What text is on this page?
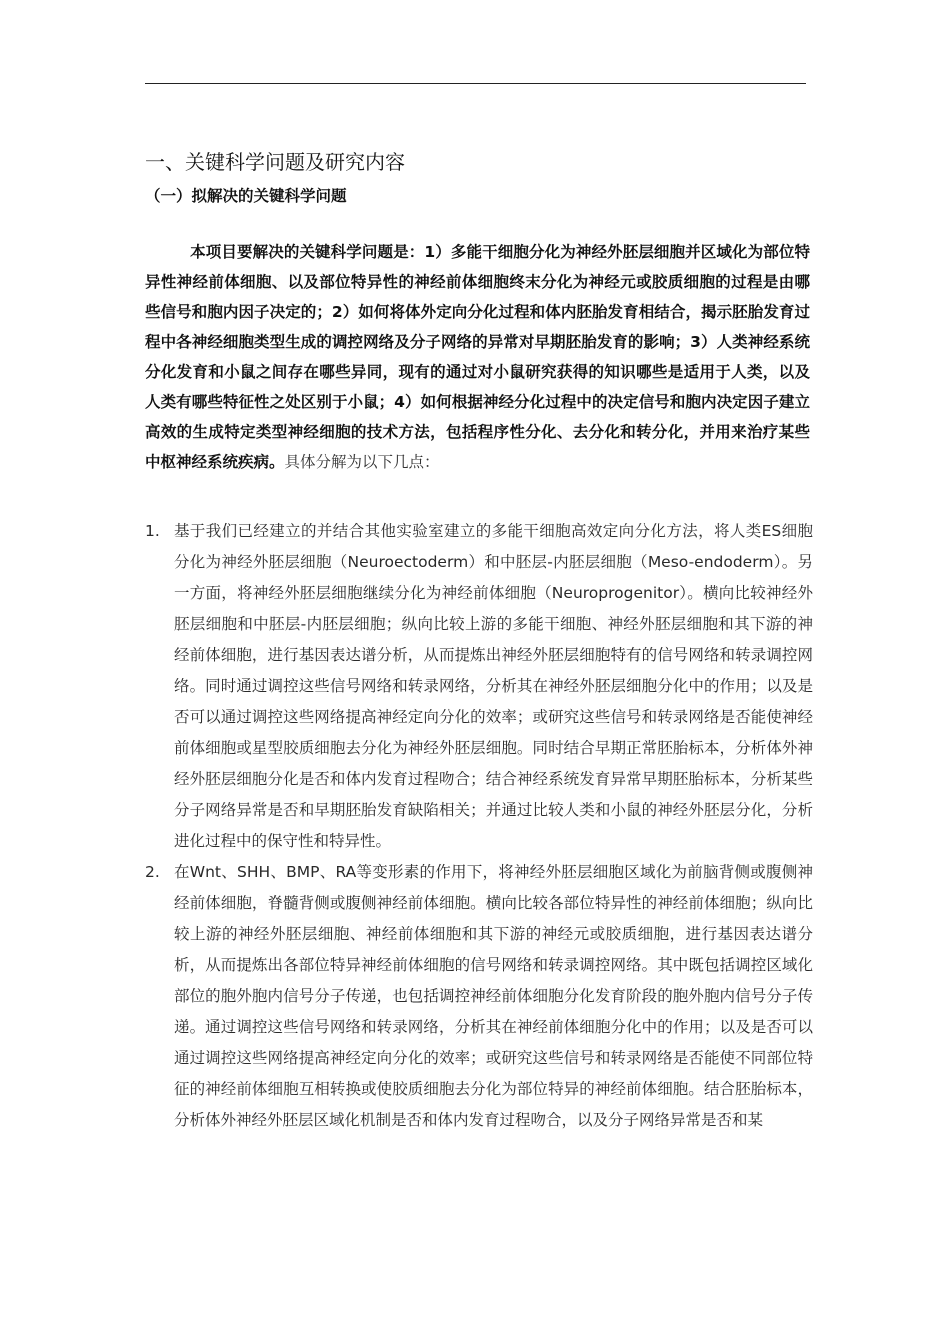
一、关键科学问题及研究内容
（一）拟解决的关键科学问题

本项目要解决的关键科学问题是：1）多能干细胞分化为神经外胚层细胞并区域化为部位特异性神经前体细胞、以及部位特异性的神经前体细胞终末分化为神经元或胶质细胞的过程是由哪些信号和胞内因子决定的；2）如何将体外定向分化过程和体内胚胎发育相结合，揭示胚胎发育过程中各神经细胞类型生成的调控网络及分子网络的异常对早期胚胎发育的影响；3）人类神经系统分化发育和小鼠之间存在哪些异同，现有的通过对小鼠研究获得的知识哪些是适用于人类，以及人类有哪些特征性之处区别于小鼠；4）如何根据神经分化过程中的决定信号和胞内决定因子建立高效的生成特定类型神经细胞的技术方法，包括程序性分化、去分化和转分化，并用来治疗某些中枢神经系统疾病。具体分解为以下几点：

1. 基于我们已经建立的并结合其他实验室建立的多能干细胞高效定向分化方法，将人类ES细胞分化为神经外胚层细胞（Neuroectoderm）和中胚层-内胚层细胞（Meso-endoderm）。另一方面，将神经外胚层细胞继续分化为神经前体细胞（Neuroprogenitor）。横向比较神经外胚层细胞和中胚层-内胚层细胞；纵向比较上游的多能干细胞、神经外胚层细胞和其下游的神经前体细胞，进行基因表达谱分析，从而提炼出神经外胚层细胞特有的信号网络和转录调控网络。同时通过调控这些信号网络和转录网络，分析其在神经外胚层细胞分化中的作用；以及是否可以通过调控这些网络提高神经定向分化的效率；或研究这些信号和转录网络是否能使神经前体细胞或星型胶质细胞去分化为神经外胚层细胞。同时结合早期正常胚胎标本，分析体外神经外胚层细胞分化是否和体内发育过程吻合；结合神经系统发育异常早期胚胎标本，分析某些分子网络异常是否和早期胚胎发育缺陷相关；并通过比较人类和小鼠的神经外胚层分化，分析进化过程中的保守性和特异性。
2. 在Wnt、SHH、BMP、RA等变形素的作用下，将神经外胚层细胞区域化为前脑背侧或腹侧神经前体细胞，脊髓背侧或腹侧神经前体细胞。横向比较各部位特异性的神经前体细胞；纵向比较上游的神经外胚层细胞、神经前体细胞和其下游的神经元或胶质细胞，进行基因表达谱分析，从而提炼出各部位特异神经前体细胞的信号网络和转录调控网络。其中既包括调控区域化部位的胞外胞内信号分子传递，也包括调控神经前体细胞分化发育阶段的胞外胞内信号分子传递。通过调控这些信号网络和转录网络，分析其在神经前体细胞分化中的作用；以及是否可以通过调控这些网络提高神经定向分化的效率；或研究这些信号和转录网络是否能使不同部位特征的神经前体细胞互相转换或使胶质细胞去分化为部位特异的神经前体细胞。结合胚胎标本，分析体外神经外胚层区域化机制是否和体内发育过程吻合，以及分子网络异常是否和某
